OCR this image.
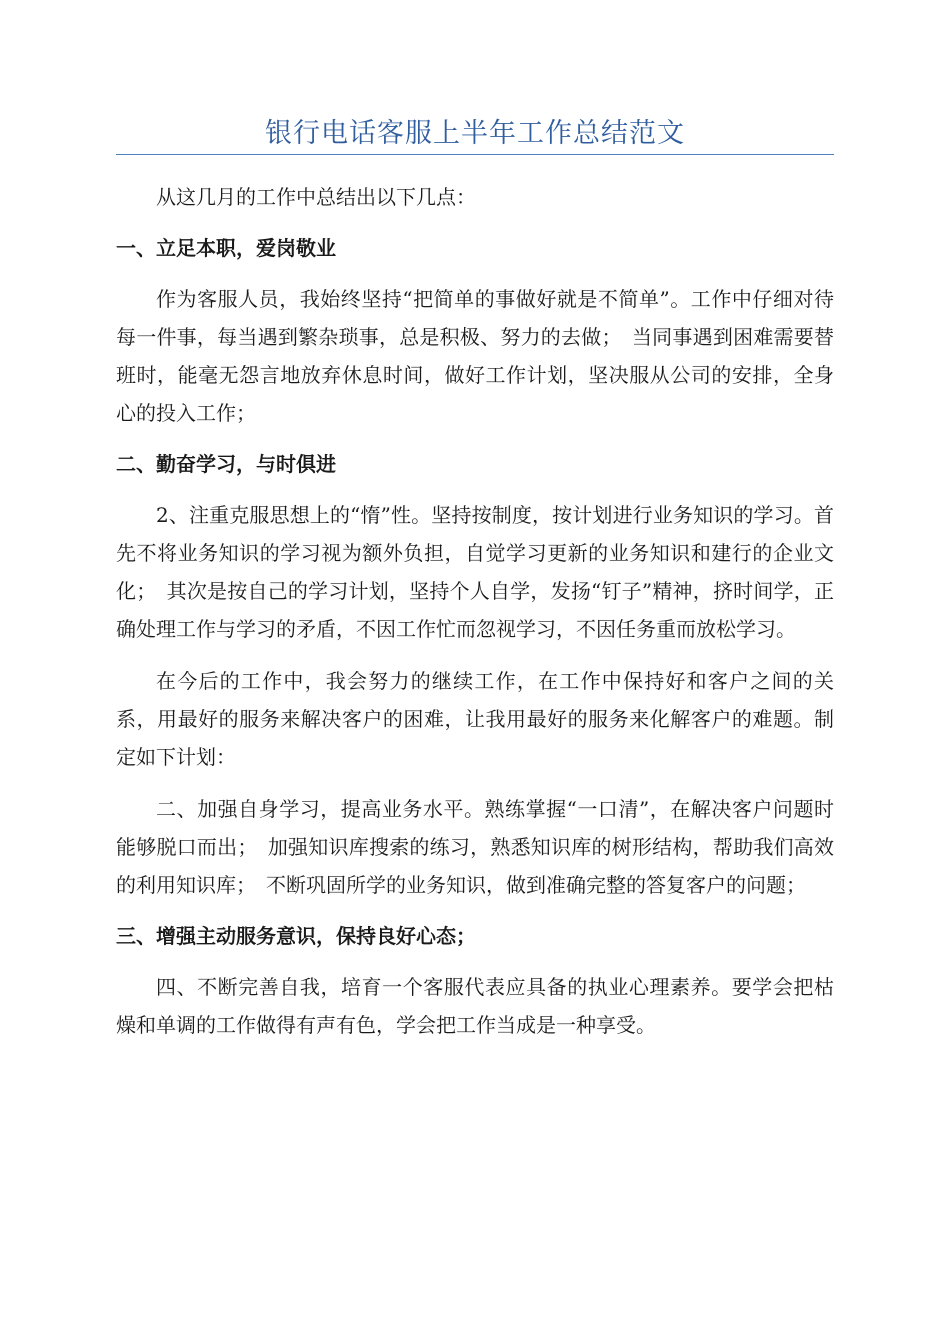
银行电话客服上半年工作总结范文

从这几月的工作中总结出以下几点：

一、立足本职，爱岗敬业

作为客服人员，我始终坚持“把简单的事做好就是不简单”。工作中仔细对待每一件事，每当遇到繁杂琐事，总是积极、努力的去做；　当同事遇到困难需要替班时，能毫无怨言地放弃休息时间，做好工作计划，坚决服从公司的安排，全身心的投入工作；

二、勤奋学习，与时俱进

2、注重克服思想上的“惰”性。坚持按制度，按计划进行业务知识的学习。首先不将业务知识的学习视为额外负担，自觉学习更新的业务知识和建行的企业文化；　其次是按自己的学习计划，坚持个人自学，发扬“钉子”精神，挤时间学，正确处理工作与学习的矛盾，不因工作忙而忽视学习，不因任务重而放松学习。

在今后的工作中，我会努力的继续工作，在工作中保持好和客户之间的关系，用最好的服务来解决客户的困难，让我用最好的服务来化解客户的难题。制定如下计划：

二、加强自身学习，提高业务水平。熟练掌握“一口清”，在解决客户问题时能够脱口而出；　加强知识库搜索的练习，熟悉知识库的树形结构，帮助我们高效的利用知识库；　不断巩固所学的业务知识，做到准确完整的答复客户的问题；

三、增强主动服务意识，保持良好心态；

四、不断完善自我，培育一个客服代表应具备的执业心理素养。要学会把枯燥和单调的工作做得有声有色，学会把工作当成是一种享受。
